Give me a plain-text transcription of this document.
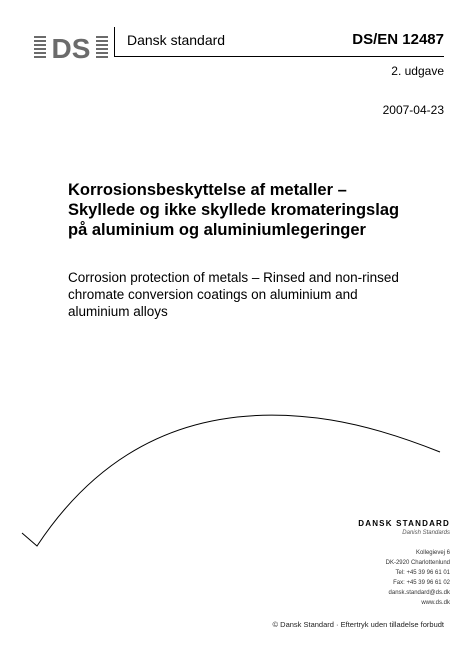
DS	Dansk standard	DS/EN 12487
2. udgave
2007-04-23
Korrosionsbeskyttelse af metaller – Skyllede og ikke skyllede kromateringslag på aluminium og aluminiumlegeringer

Corrosion protection of metals – Rinsed and non-rinsed chromate conversion coatings on aluminium and aluminium alloys

DANSK STANDARD
Danish Standards
Kollegievej 6
DK-2920 Charlottenlund
Tel: +45 39 96 61 01
Fax: +45 39 96 61 02
dansk.standard@ds.dk
www.ds.dk
© Dansk Standard · Eftertryk uden tilladelse forbudt
